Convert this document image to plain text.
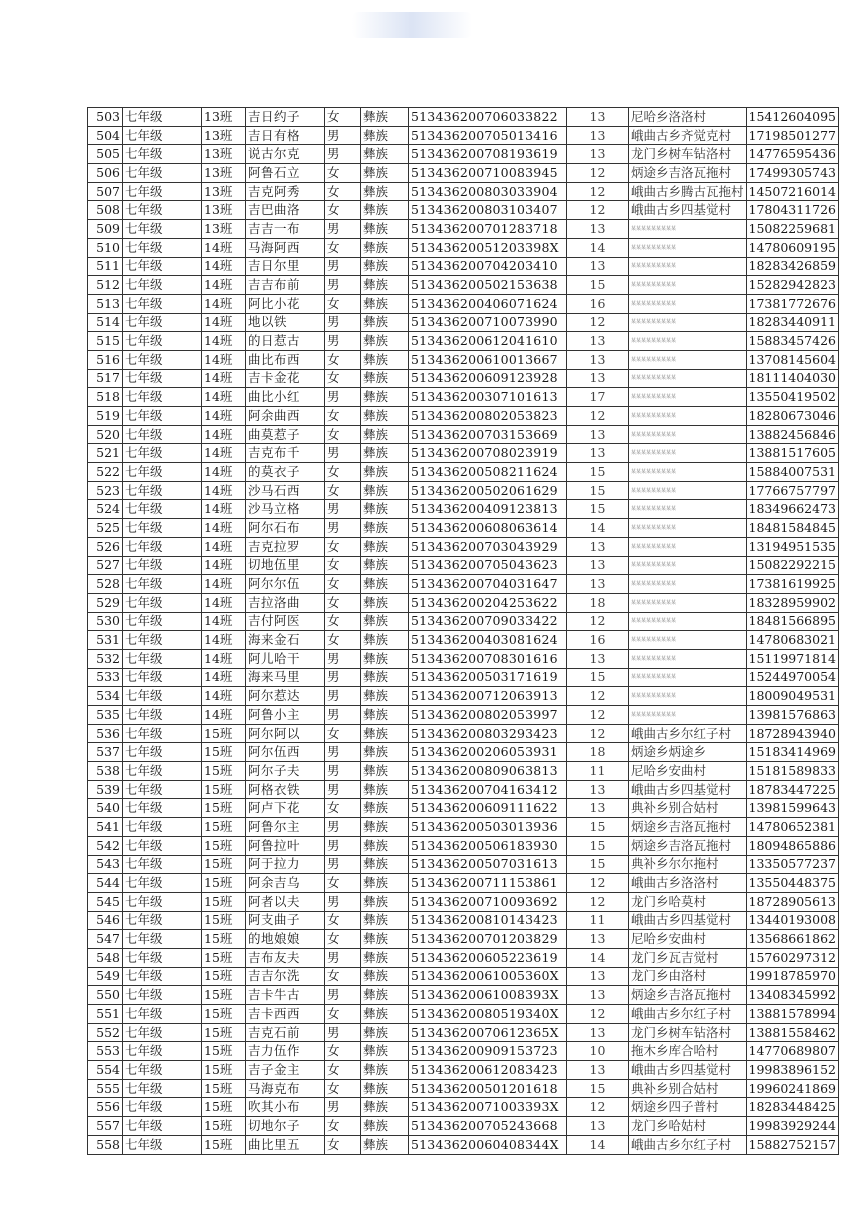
503	七年级	13班	吉日约子	女	彝族	513436200706033822	13	尼哈乡洛洛村	15412604095
504	七年级	13班	吉日有格	男	彝族	513436200705013416	13	峨曲古乡齐觉克村	17198501277
505	七年级	13班	说古尔克	男	彝族	513436200708193619	13	龙门乡树车钻洛村	14776595436
506	七年级	13班	阿鲁石立	女	彝族	513436200710083945	12	炳途乡吉洛瓦拖村	17499305743
507	七年级	13班	吉克阿秀	女	彝族	513436200803033904	12	峨曲古乡腾古瓦拖村	14507216014
508	七年级	13班	吉巴曲洛	女	彝族	513436200803103407	12	峨曲古乡四基觉村	17804311726
509	七年级	13班	吉吉一布	男	彝族	513436200701283718	13	某某某某某某某某某	15082259681
510	七年级	14班	马海阿西	女	彝族	51343620051203398X	14	某某某某某某某某某	14780609195
511	七年级	14班	吉日尔里	男	彝族	513436200704203410	13	某某某某某某某某某	18283426859
512	七年级	14班	吉吉布前	男	彝族	513436200502153638	15	某某某某某某某某某	15282942823
513	七年级	14班	阿比小花	女	彝族	513436200406071624	16	某某某某某某某某某	17381772676
514	七年级	14班	地以铁	男	彝族	513436200710073990	12	某某某某某某某某某	18283440911
515	七年级	14班	的日惹古	男	彝族	513436200612041610	13	某某某某某某某某某	15883457426
516	七年级	14班	曲比布西	女	彝族	513436200610013667	13	某某某某某某某某某	13708145604
517	七年级	14班	吉卡金花	女	彝族	513436200609123928	13	某某某某某某某某某	18111404030
518	七年级	14班	曲比小红	男	彝族	513436200307101613	17	某某某某某某某某某	13550419502
519	七年级	14班	阿余曲西	女	彝族	513436200802053823	12	某某某某某某某某某	18280673046
520	七年级	14班	曲莫惹子	女	彝族	513436200703153669	13	某某某某某某某某某	13882456846
521	七年级	14班	吉克布千	男	彝族	513436200708023919	13	某某某某某某某某某	13881517605
522	七年级	14班	的莫衣子	女	彝族	513436200508211624	15	某某某某某某某某某	15884007531
523	七年级	14班	沙马石西	女	彝族	513436200502061629	15	某某某某某某某某某	17766757797
524	七年级	14班	沙马立格	男	彝族	513436200409123813	15	某某某某某某某某某	18349662473
525	七年级	14班	阿尔石布	男	彝族	513436200608063614	14	某某某某某某某某某	18481584845
526	七年级	14班	吉克拉罗	女	彝族	513436200703043929	13	某某某某某某某某某	13194951535
527	七年级	14班	切地伍里	女	彝族	513436200705043623	13	某某某某某某某某某	15082292215
528	七年级	14班	阿尔尔伍	女	彝族	513436200704031647	13	某某某某某某某某某	17381619925
529	七年级	14班	吉拉洛曲	女	彝族	513436200204253622	18	某某某某某某某某某	18328959902
530	七年级	14班	吉付阿医	女	彝族	513436200709033422	12	某某某某某某某某某	18481566895
531	七年级	14班	海来金石	女	彝族	513436200403081624	16	某某某某某某某某某	14780683021
532	七年级	14班	阿儿哈干	男	彝族	513436200708301616	13	某某某某某某某某某	15119971814
533	七年级	14班	海来马里	男	彝族	513436200503171619	15	某某某某某某某某某	15244970054
534	七年级	14班	阿尔惹达	男	彝族	513436200712063913	12	某某某某某某某某某	18009049531
535	七年级	14班	阿鲁小主	男	彝族	513436200802053997	12	某某某某某某某某某	13981576863
536	七年级	15班	阿尔阿以	女	彝族	513436200803293423	12	峨曲古乡尔红子村	18728943940
537	七年级	15班	阿尔伍西	男	彝族	513436200206053931	18	炳途乡炳途乡	15183414969
538	七年级	15班	阿尔子夫	男	彝族	513436200809063813	11	尼哈乡安曲村	15181589833
539	七年级	15班	阿格衣铁	男	彝族	513436200704163412	13	峨曲古乡四基觉村	18783447225
540	七年级	15班	阿卢下花	女	彝族	513436200609111622	13	典补乡别合姑村	13981599643
541	七年级	15班	阿鲁尔主	男	彝族	513436200503013936	15	炳途乡吉洛瓦拖村	14780652381
542	七年级	15班	阿鲁拉叶	男	彝族	513436200506183930	15	炳途乡吉洛瓦拖村	18094865886
543	七年级	15班	阿于拉力	男	彝族	513436200507031613	15	典补乡尔尔拖村	13350577237
544	七年级	15班	阿余吉乌	女	彝族	513436200711153861	12	峨曲古乡洛洛村	13550448375
545	七年级	15班	阿者以夫	男	彝族	513436200710093692	12	龙门乡哈莫村	18728905613
546	七年级	15班	阿支曲子	女	彝族	513436200810143423	11	峨曲古乡四基觉村	13440193008
547	七年级	15班	的地娘娘	女	彝族	513436200701203829	13	尼哈乡安曲村	13568661862
548	七年级	15班	吉布友夫	男	彝族	513436200605223619	14	龙门乡瓦吉觉村	15760297312
549	七年级	15班	吉吉尔洗	女	彝族	51343620061005360X	13	龙门乡由洛村	19918785970
550	七年级	15班	吉卡牛古	男	彝族	51343620061008393X	13	炳途乡吉洛瓦拖村	13408345992
551	七年级	15班	吉卡西西	女	彝族	51343620080519340X	12	峨曲古乡尔红子村	13881578994
552	七年级	15班	吉克石前	男	彝族	51343620070612365X	13	龙门乡树车钻洛村	13881558462
553	七年级	15班	吉力伍作	女	彝族	513436200909153723	10	拖木乡库合哈村	14770689807
554	七年级	15班	吉子金主	女	彝族	513436200612083423	13	峨曲古乡四基觉村	19983896152
555	七年级	15班	马海克布	女	彝族	513436200501201618	15	典补乡别合姑村	19960241869
556	七年级	15班	吹其小布	男	彝族	51343620071003393X	12	炳途乡四子普村	18283448425
557	七年级	15班	切地尔子	女	彝族	513436200705243668	13	龙门乡哈姑村	19983929244
558	七年级	15班	曲比里五	女	彝族	51343620060408344X	14	峨曲古乡尔红子村	15882752157
